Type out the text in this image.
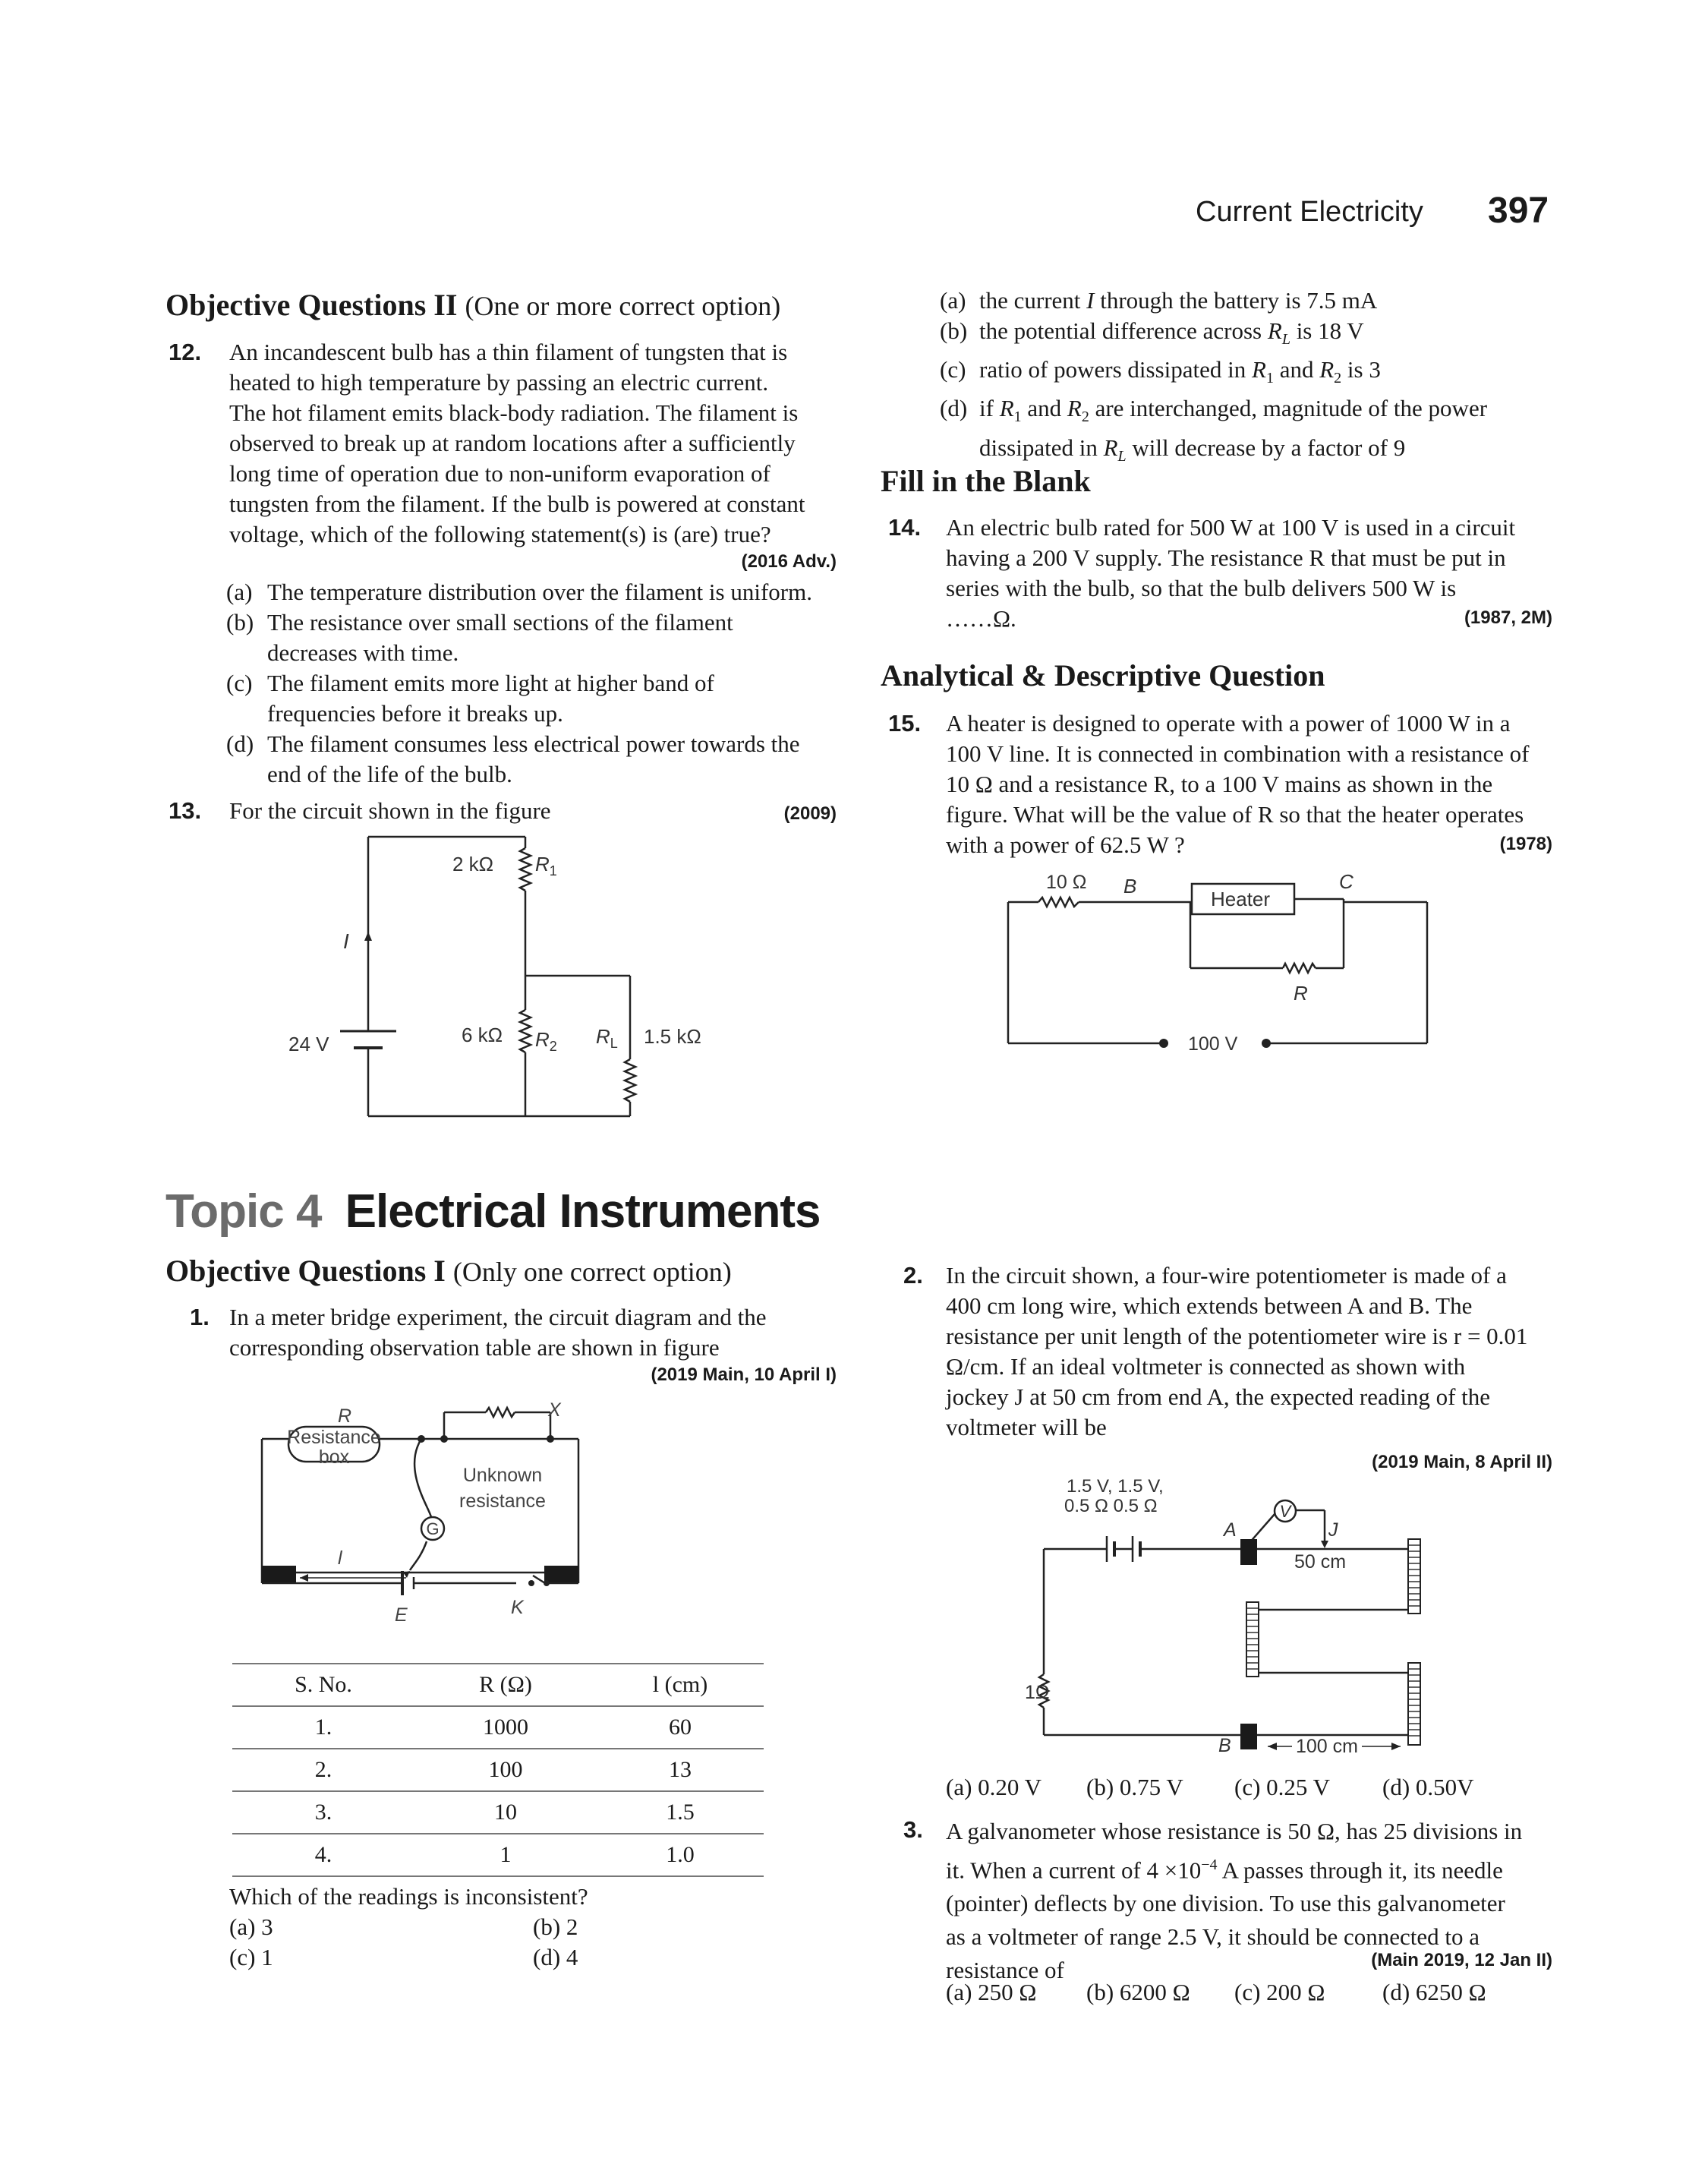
Current Electricity 397
Objective Questions II (One or more correct option)
12. An incandescent bulb has a thin filament of tungsten that is
heated to high temperature by passing an electric current.
The hot filament emits black-body radiation. The filament is
observed to break up at random locations after a sufficiently
long time of operation due to non-uniform evaporation of
tungsten from the filament. If the bulb is powered at constant
voltage, which of the following statement(s) is (are) true?
(2016 Adv.)
(a) The temperature distribution over the filament is uniform.
(b) The resistance over small sections of the filament
decreases with time.
(c) The filament emits more light at higher band of
frequencies before it breaks up.
(d) The filament consumes less electrical power towards the
end of the life of the bulb.
13. For the circuit shown in the figure	(2009)
2 kΩ $R_1$
I
24 V	6 kΩ $R_2$ $R_L$ 1.5 kΩ
(a) the current I through the battery is 7.5 mA
(b) the potential difference across $R_L$ is 18 V
(c) ratio of powers dissipated in $R_1$ and $R_2$ is 3
(d) if $R_1$ and $R_2$ are interchanged, magnitude of the power
dissipated in $R_L$ will decrease by a factor of 9
Fill in the Blank
14. An electric bulb rated for 500 W at 100 V is used in a circuit
having a 200 V supply. The resistance R that must be put in
series with the bulb, so that the bulb delivers 500 W is
……Ω.	(1987, 2M)
Analytical & Descriptive Question
15. A heater is designed to operate with a power of 1000 W in a
100 V line. It is connected in combination with a resistance of
10 Ω and a resistance R, to a 100 V mains as shown in the
figure. What will be the value of R so that the heater operates
with a power of 62.5 W ?	(1978)
10 Ω B	C
Heater
R
100 V
Topic 4 Electrical Instruments
Objective Questions I (Only one correct option)
1. In a meter bridge experiment, the circuit diagram and the
corresponding observation table are shown in figure
(2019 Main, 10 April I)
R	X
Resistance
box
Unknown
resistance
G
l
E	K
S. No.	R (Ω)	l (cm)
1.	1000	60
2.	100	13
3.	10	1.5
4.	1	1.0
Which of the readings is inconsistent?
(a) 3	(b) 2
(c) 1	(d) 4
2. In the circuit shown, a four-wire potentiometer is made of a
400 cm long wire, which extends between A and B. The
resistance per unit length of the potentiometer wire is r = 0.01
Ω/cm. If an ideal voltmeter is connected as shown with
jockey J at 50 cm from end A, the expected reading of the
voltmeter will be
(2019 Main, 8 April II)
1.5 V, 1.5 V,
0.5 Ω 0.5 Ω	V
A	J
50 cm
1Ω
B	100 cm
(a) 0.20 V	(b) 0.75 V	(c) 0.25 V	(d) 0.50V
3. A galvanometer whose resistance is 50 Ω, has 25 divisions in
it. When a current of $4 \times 10^{-4}$ A passes through it, its needle
(pointer) deflects by one division. To use this galvanometer
as a voltmeter of range 2.5 V, it should be connected to a
resistance of	(Main 2019, 12 Jan II)
(a) 250 Ω	(b) 6200 Ω	(c) 200 Ω	(d) 6250 Ω
